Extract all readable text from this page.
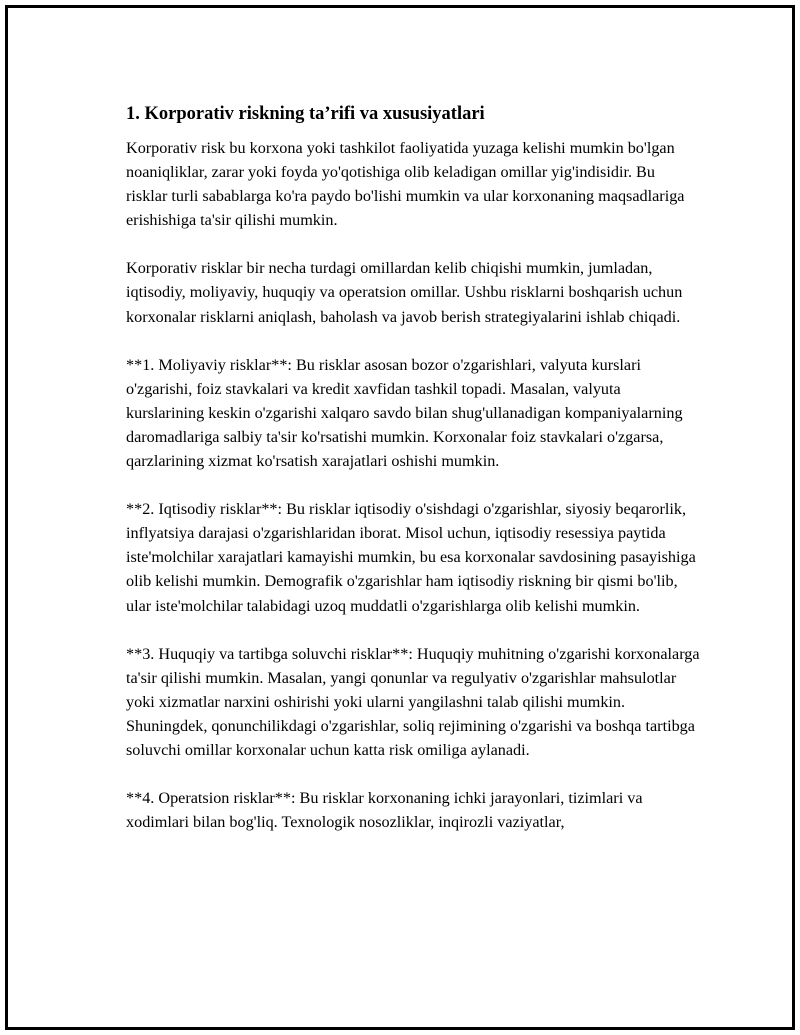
1. Korporativ riskning ta’rifi va xususiyatlari

Korporativ risk bu korxona yoki tashkilot faoliyatida yuzaga kelishi mumkin bo'lgan noaniqliklar, zarar yoki foyda yo'qotishiga olib keladigan omillar yig'indisidir. Bu risklar turli sabablarga ko'ra paydo bo'lishi mumkin va ular korxonaning maqsadlariga erishishiga ta'sir qilishi mumkin.

Korporativ risklar bir necha turdagi omillardan kelib chiqishi mumkin, jumladan, iqtisodiy, moliyaviy, huquqiy va operatsion omillar. Ushbu risklarni boshqarish uchun korxonalar risklarni aniqlash, baholash va javob berish strategiyalarini ishlab chiqadi.

**1. Moliyaviy risklar**: Bu risklar asosan bozor o'zgarishlari, valyuta kurslari o'zgarishi, foiz stavkalari va kredit xavfidan tashkil topadi. Masalan, valyuta kurslarining keskin o'zgarishi xalqaro savdo bilan shug'ullanadigan kompaniyalarning daromadlariga salbiy ta'sir ko'rsatishi mumkin. Korxonalar foiz stavkalari o'zgarsa, qarzlarining xizmat ko'rsatish xarajatlari oshishi mumkin.

**2. Iqtisodiy risklar**: Bu risklar iqtisodiy o'sishdagi o'zgarishlar, siyosiy beqarorlik, inflyatsiya darajasi o'zgarishlaridan iborat. Misol uchun, iqtisodiy resessiya paytida iste'molchilar xarajatlari kamayishi mumkin, bu esa korxonalar savdosining pasayishiga olib kelishi mumkin. Demografik o'zgarishlar ham iqtisodiy riskning bir qismi bo'lib, ular iste'molchilar talabidagi uzoq muddatli o'zgarishlarga olib kelishi mumkin.

**3. Huquqiy va tartibga soluvchi risklar**: Huquqiy muhitning o'zgarishi korxonalarga ta'sir qilishi mumkin. Masalan, yangi qonunlar va regulyativ o'zgarishlar mahsulotlar yoki xizmatlar narxini oshirishi yoki ularni yangilashni talab qilishi mumkin. Shuningdek, qonunchilikdagi o'zgarishlar, soliq rejimining o'zgarishi va boshqa tartibga soluvchi omillar korxonalar uchun katta risk omiliga aylanadi.

**4. Operatsion risklar**: Bu risklar korxonaning ichki jarayonlari, tizimlari va xodimlari bilan bog'liq. Texnologik nosozliklar, inqirozli vaziyatlar,
